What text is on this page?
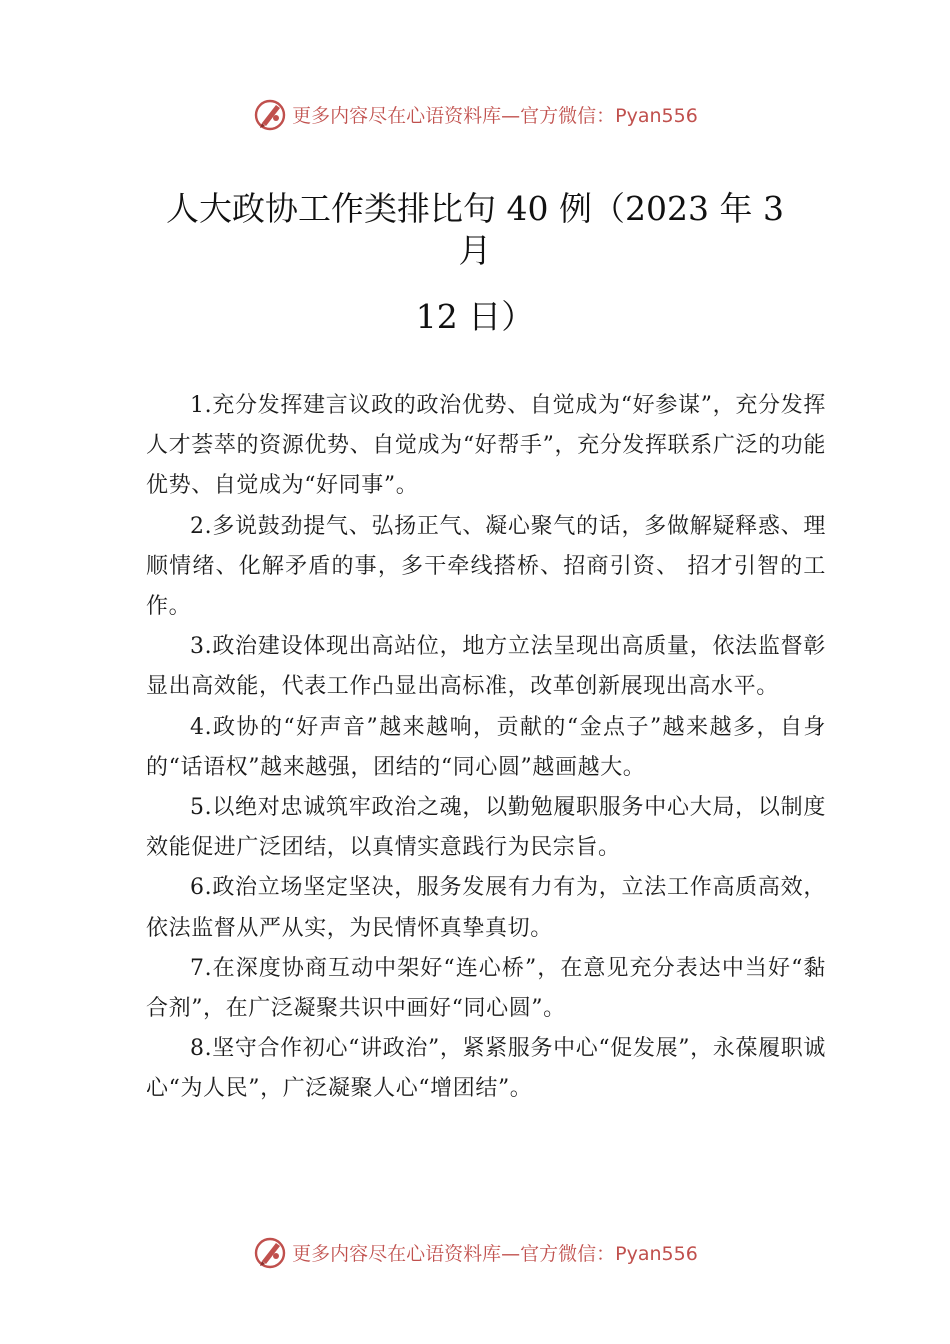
更多内容尽在心语资料库—官方微信：Pyan556
人大政协工作类排比句 40 例（2023 年 3 月
12 日）

1.充分发挥建言议政的政治优势、自觉成为“好参谋”，充分发挥人才荟萃的资源优势、自觉成为“好帮手”，充分发挥联系广泛的功能优势、自觉成为“好同事”。

2.多说鼓劲提气、弘扬正气、凝心聚气的话，多做解疑释惑、理顺情绪、化解矛盾的事，多干牵线搭桥、招商引资、 招才引智的工作。

3.政治建设体现出高站位，地方立法呈现出高质量，依法监督彰显出高效能，代表工作凸显出高标准，改革创新展现出高水平。

4.政协的“好声音”越来越响，贡献的“金点子”越来越多，自身的“话语权”越来越强，团结的“同心圆”越画越大。

5.以绝对忠诚筑牢政治之魂，以勤勉履职服务中心大局，以制度效能促进广泛团结，以真情实意践行为民宗旨。

6.政治立场坚定坚决，服务发展有力有为，立法工作高质高效，依法监督从严从实，为民情怀真挚真切。

7.在深度协商互动中架好“连心桥”，在意见充分表达中当好“黏合剂”，在广泛凝聚共识中画好“同心圆”。

8.坚守合作初心“讲政治”，紧紧服务中心“促发展”，永葆履职诚心“为人民”，广泛凝聚人心“增团结”。

更多内容尽在心语资料库—官方微信：Pyan556
